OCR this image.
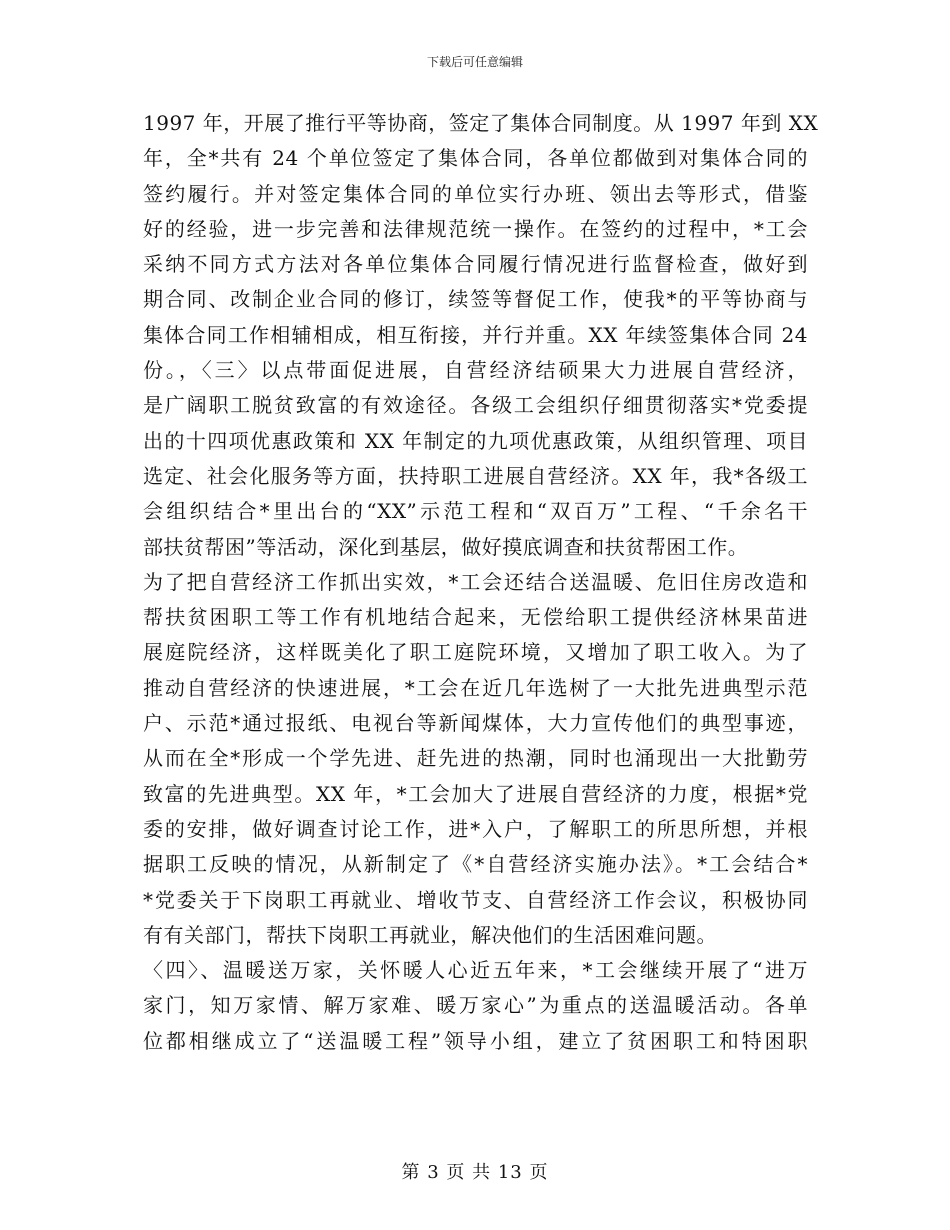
下载后可任意编辑
1997 年，开展了推行平等协商，签定了集体合同制度。从 1997 年到 XX
年，全*共有 24 个单位签定了集体合同，各单位都做到对集体合同的
签约履行。并对签定集体合同的单位实行办班、领出去等形式，借鉴
好的经验，进一步完善和法律规范统一操作。在签约的过程中，*工会
采纳不同方式方法对各单位集体合同履行情况进行监督检查，做好到
期合同、改制企业合同的修订，续签等督促工作，使我*的平等协商与
集体合同工作相辅相成，相互衔接，并行并重。XX 年续签集体合同 24
份。，〈三〉以点带面促进展，自营经济结硕果大力进展自营经济，
是广阔职工脱贫致富的有效途径。各级工会组织仔细贯彻落实*党委提
出的十四项优惠政策和 XX 年制定的九项优惠政策，从组织管理、项目
选定、社会化服务等方面，扶持职工进展自营经济。XX 年，我*各级工
会组织结合*里出台的“XX”示范工程和“双百万”工程、“千余名干
部扶贫帮困”等活动，深化到基层，做好摸底调查和扶贫帮困工作。
为了把自营经济工作抓出实效，*工会还结合送温暖、危旧住房改造和
帮扶贫困职工等工作有机地结合起来，无偿给职工提供经济林果苗进
展庭院经济，这样既美化了职工庭院环境，又增加了职工收入。为了
推动自营经济的快速进展，*工会在近几年选树了一大批先进典型示范
户、示范*通过报纸、电视台等新闻煤体，大力宣传他们的典型事迹，
从而在全*形成一个学先进、赶先进的热潮，同时也涌现出一大批勤劳
致富的先进典型。XX 年，*工会加大了进展自营经济的力度，根据*党
委的安排，做好调查讨论工作，进*入户，了解职工的所思所想，并根
据职工反映的情况，从新制定了《*自营经济实施办法》。*工会结合*
*党委关于下岗职工再就业、增收节支、自营经济工作会议，积极协同
有有关部门，帮扶下岗职工再就业，解决他们的生活困难问题。
〈四〉、温暖送万家，关怀暖人心近五年来，*工会继续开展了“进万
家门，知万家情、解万家难、暖万家心”为重点的送温暖活动。各单
位都相继成立了“送温暖工程”领导小组，建立了贫困职工和特困职
第 3 页 共 13 页
